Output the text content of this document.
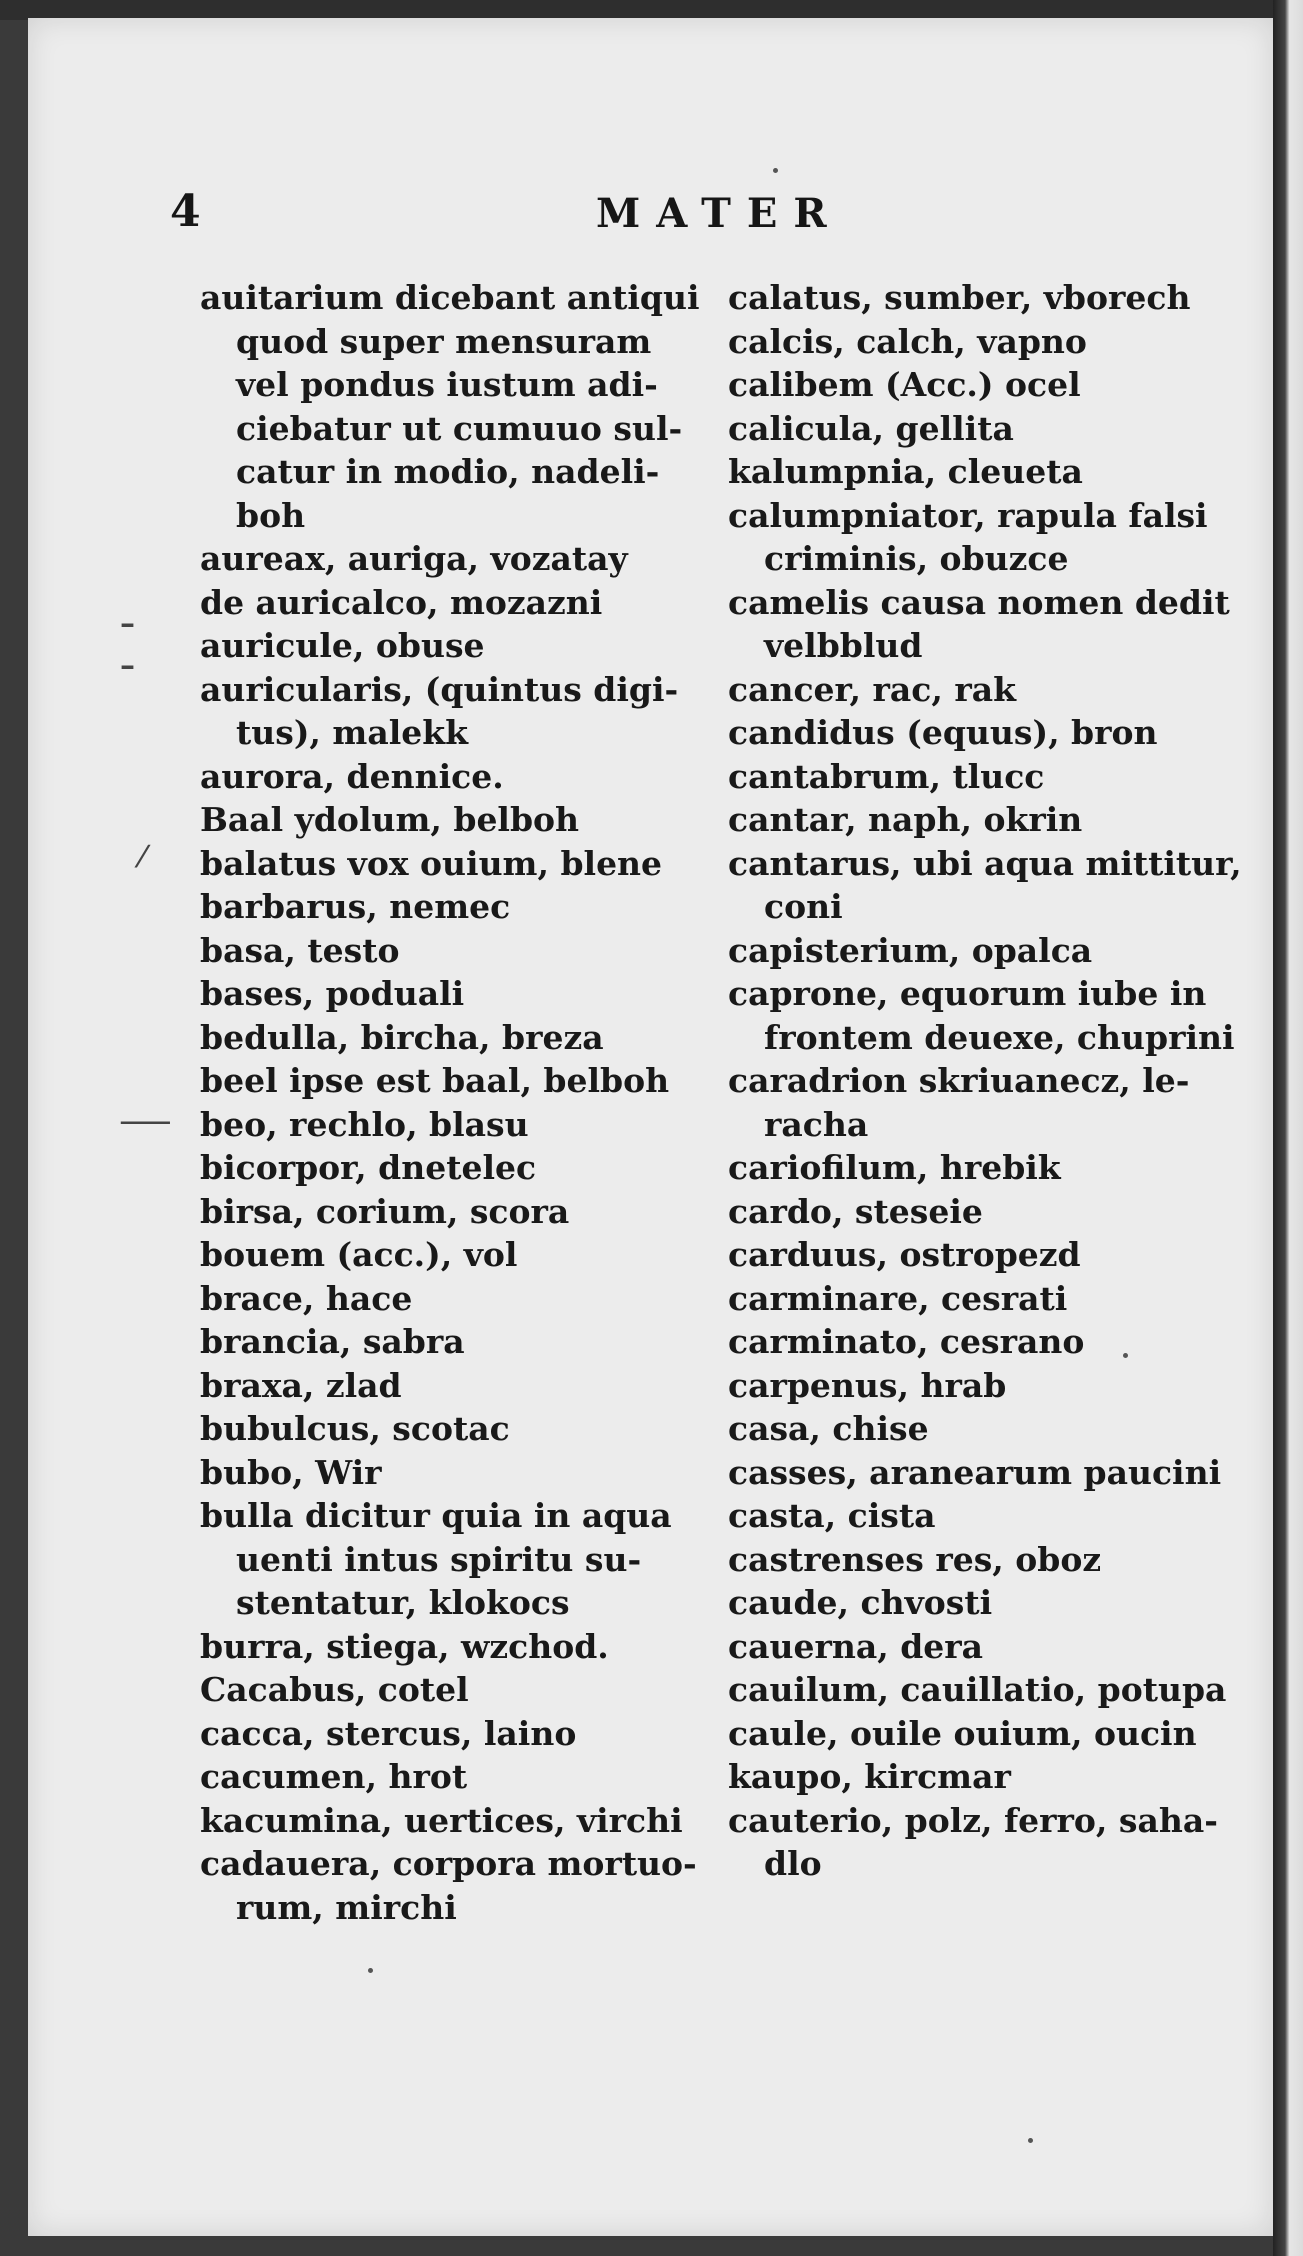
4	MATER
auitarium dicebant antiqui
quod super mensuram
vel pondus iustum adi-
ciebatur ut cumuuo sul-
catur in modio, nadeli-
boh
aureax, auriga, vozatay
de auricalco, mozazni
auricule, obuse
auricularis, (quintus digi-
tus), malekk
aurora, dennice.
Baal ydolum, belboh
balatus vox ouium, blene
barbarus, nemec
basa, testo
bases, poduali
bedulla, bircha, breza
beel ipse est baal, belboh
beo, rechlo, blasu
bicorpor, dnetelec
birsa, corium, scora
bouem (acc.), vol
brace, hace
brancia, sabra
braxa, zlad
bubulcus, scotac
bubo, Wir
bulla dicitur quia in aqua
uenti intus spiritu su-
stentatur, klokocs
burra, stiega, wzchod.
Cacabus, cotel
cacca, stercus, laino
cacumen, hrot
kacumina, uertices, virchi
cadauera, corpora mortuo-
rum, mirchi
calatus, sumber, vborech
calcis, calch, vapno
calibem (Acc.) ocel
calicula, gellita
kalumpnia, cleueta
calumpniator, rapula falsi
criminis, obuzce
camelis causa nomen dedit
velbblud
cancer, rac, rak
candidus (equus), bron
cantabrum, tlucc
cantar, naph, okrin
cantarus, ubi aqua mittitur,
coni
capisterium, opalca
caprone, equorum iube in
frontem deuexe, chuprini
caradrion skriuanecz, le-
racha
cariofilum, hrebik
cardo, steseie
carduus, ostropezd
carminare, cesrati
carminato, cesrano
carpenus, hrab
casa, chise
casses, aranearum paucini
casta, cista
castrenses res, oboz
caude, chvosti
cauerna, dera
cauilum, cauillatio, potupa
caule, ouile ouium, oucin
kaupo, kircmar
cauterio, polz, ferro, saha-
dlo
–
–
⸺
⁄
